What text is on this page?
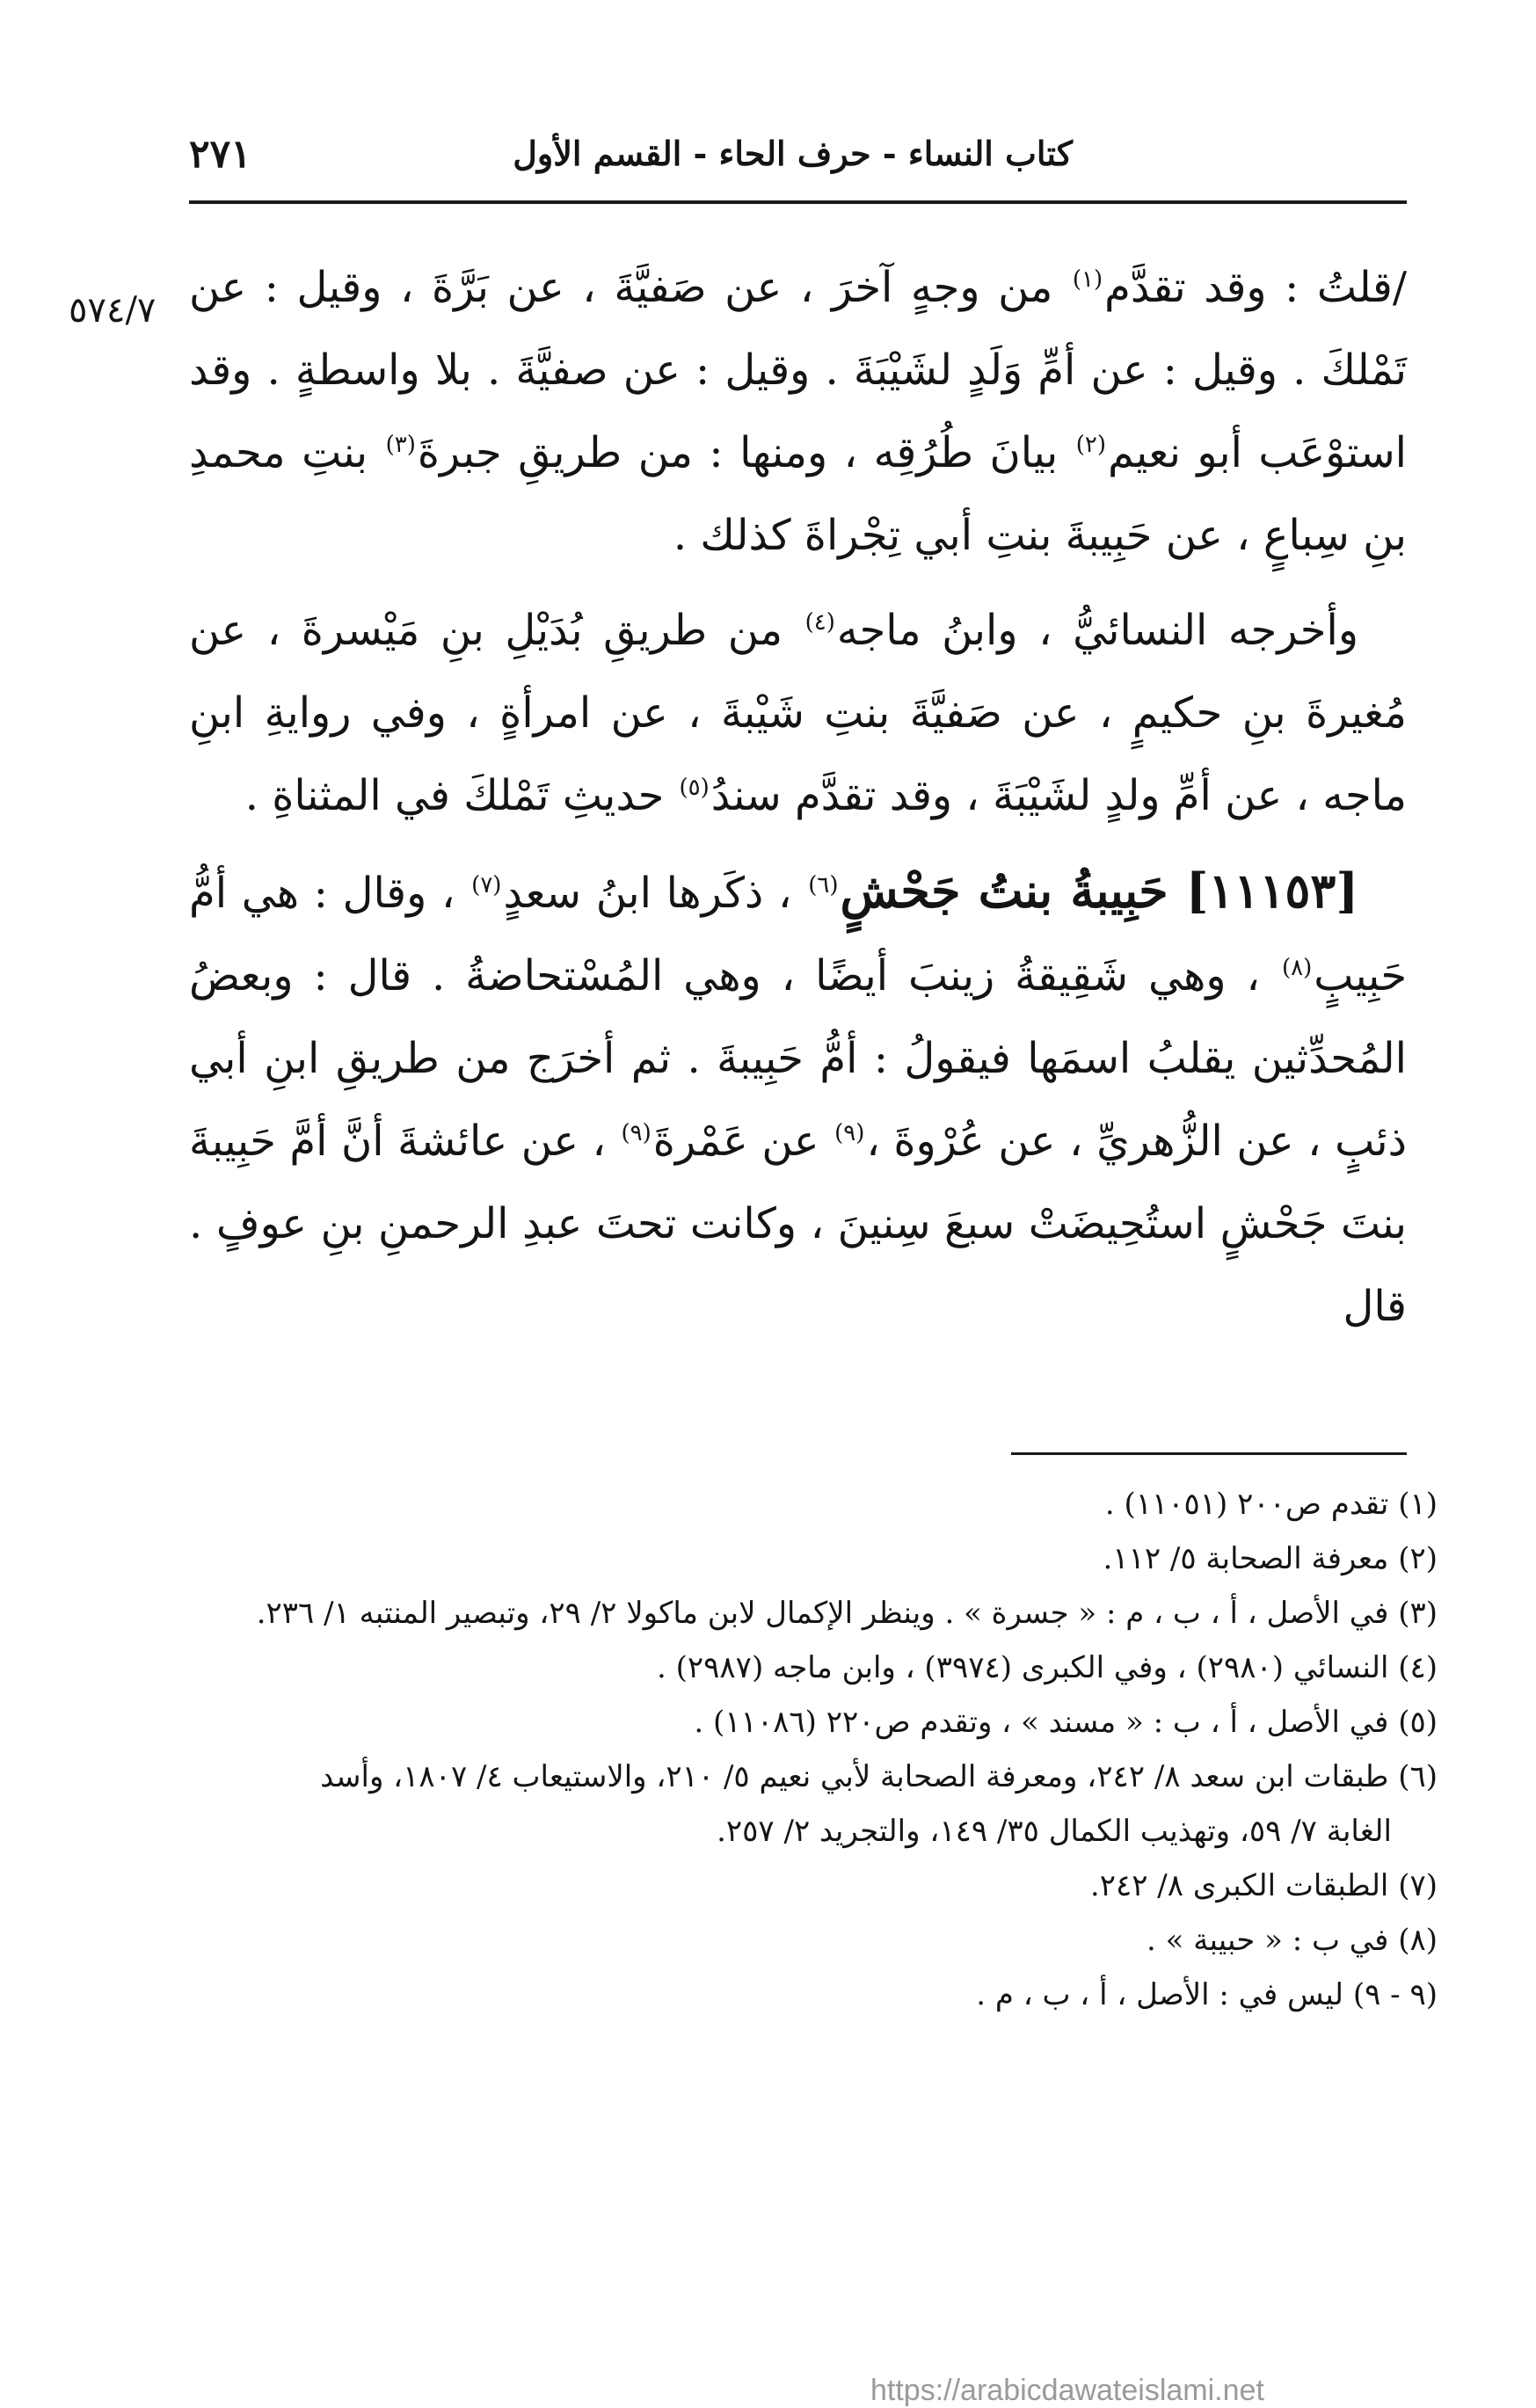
٢٧١	كتاب النساء - حرف الحاء - القسم الأول
٥٧٤/٧	/قلتُ : وقد تقدَّم$^{(١)}$ من وجهٍ آخرَ ، عن صَفيَّةَ ، عن بَرَّةَ ، وقيل : عن تَمْلكَ . وقيل : عن أمِّ وَلَدٍ لشَيْبَةَ . وقيل : عن صفيَّةَ . بلا واسطةٍ . وقد استوْعَب أبو نعيم$^{(٢)}$ بيانَ طُرُقِه ، ومنها : من طريقِ جبرةَ$^{(٣)}$ بنتِ محمدِ بنِ سِباعٍ ، عن حَبِيبةَ بنتِ أبي تِجْراةَ كذلك .

وأخرجه النسائيُّ ، وابنُ ماجه$^{(٤)}$ من طريقِ بُدَيْلِ بنِ مَيْسرةَ ، عن مُغيرةَ بنِ حكيمٍ ، عن صَفيَّةَ بنتِ شَيْبةَ ، عن امرأةٍ ، وفي روايةِ ابنِ ماجه ، عن أمِّ ولدٍ لشَيْبَةَ ، وقد تقدَّم سندُ$^{(٥)}$ حديثِ تَمْلكَ في المثناةِ .

[١١١٥٣] حَبِيبةُ بنتُ جَحْشٍ$^{(٦)}$ ، ذكَرها ابنُ سعدٍ$^{(٧)}$ ، وقال : هي أمُّ حَبِيبٍ$^{(٨)}$ ، وهي شَقِيقةُ زينبَ أيضًا ، وهي المُسْتحاضةُ . قال : وبعضُ المُحدِّثين يقلبُ اسمَها فيقولُ : أمُّ حَبِيبةَ . ثم أخرَج من طريقِ ابنِ أبي ذئبٍ ، عن الزُّهريِّ ، عن عُرْوةَ ،$^{(٩)}$ عن عَمْرةَ$^{(٩)}$ ، عن عائشةَ أنَّ أمَّ حَبِيبةَ بنتَ جَحْشٍ استُحِيضَتْ سبعَ سِنينَ ، وكانت تحتَ عبدِ الرحمنِ بنِ عوفٍ . قال

(١) تقدم ص٢٠٠ (١١٠٥١) .
(٢) معرفة الصحابة ٥/ ١١٢.
(٣) في الأصل ، أ ، ب ، م : « جسرة » . وينظر الإكمال لابن ماكولا ٢/ ٢٩، وتبصير المنتبه ١/ ٢٣٦.
(٤) النسائي (٢٩٨٠) ، وفي الكبرى (٣٩٧٤) ، وابن ماجه (٢٩٨٧) .
(٥) في الأصل ، أ ، ب : « مسند » ، وتقدم ص٢٢٠ (١١٠٨٦) .
(٦) طبقات ابن سعد ٨/ ٢٤٢، ومعرفة الصحابة لأبي نعيم ٥/ ٢١٠، والاستيعاب ٤/ ١٨٠٧، وأسد
الغابة ٧/ ٥٩، وتهذيب الكمال ٣٥/ ١٤٩، والتجريد ٢/ ٢٥٧.
(٧) الطبقات الكبرى ٨/ ٢٤٢.
(٨) في ب : « حبيبة » .
(٩ - ٩) ليس في : الأصل ، أ ، ب ، م .
https://arabicdawateislami.net
